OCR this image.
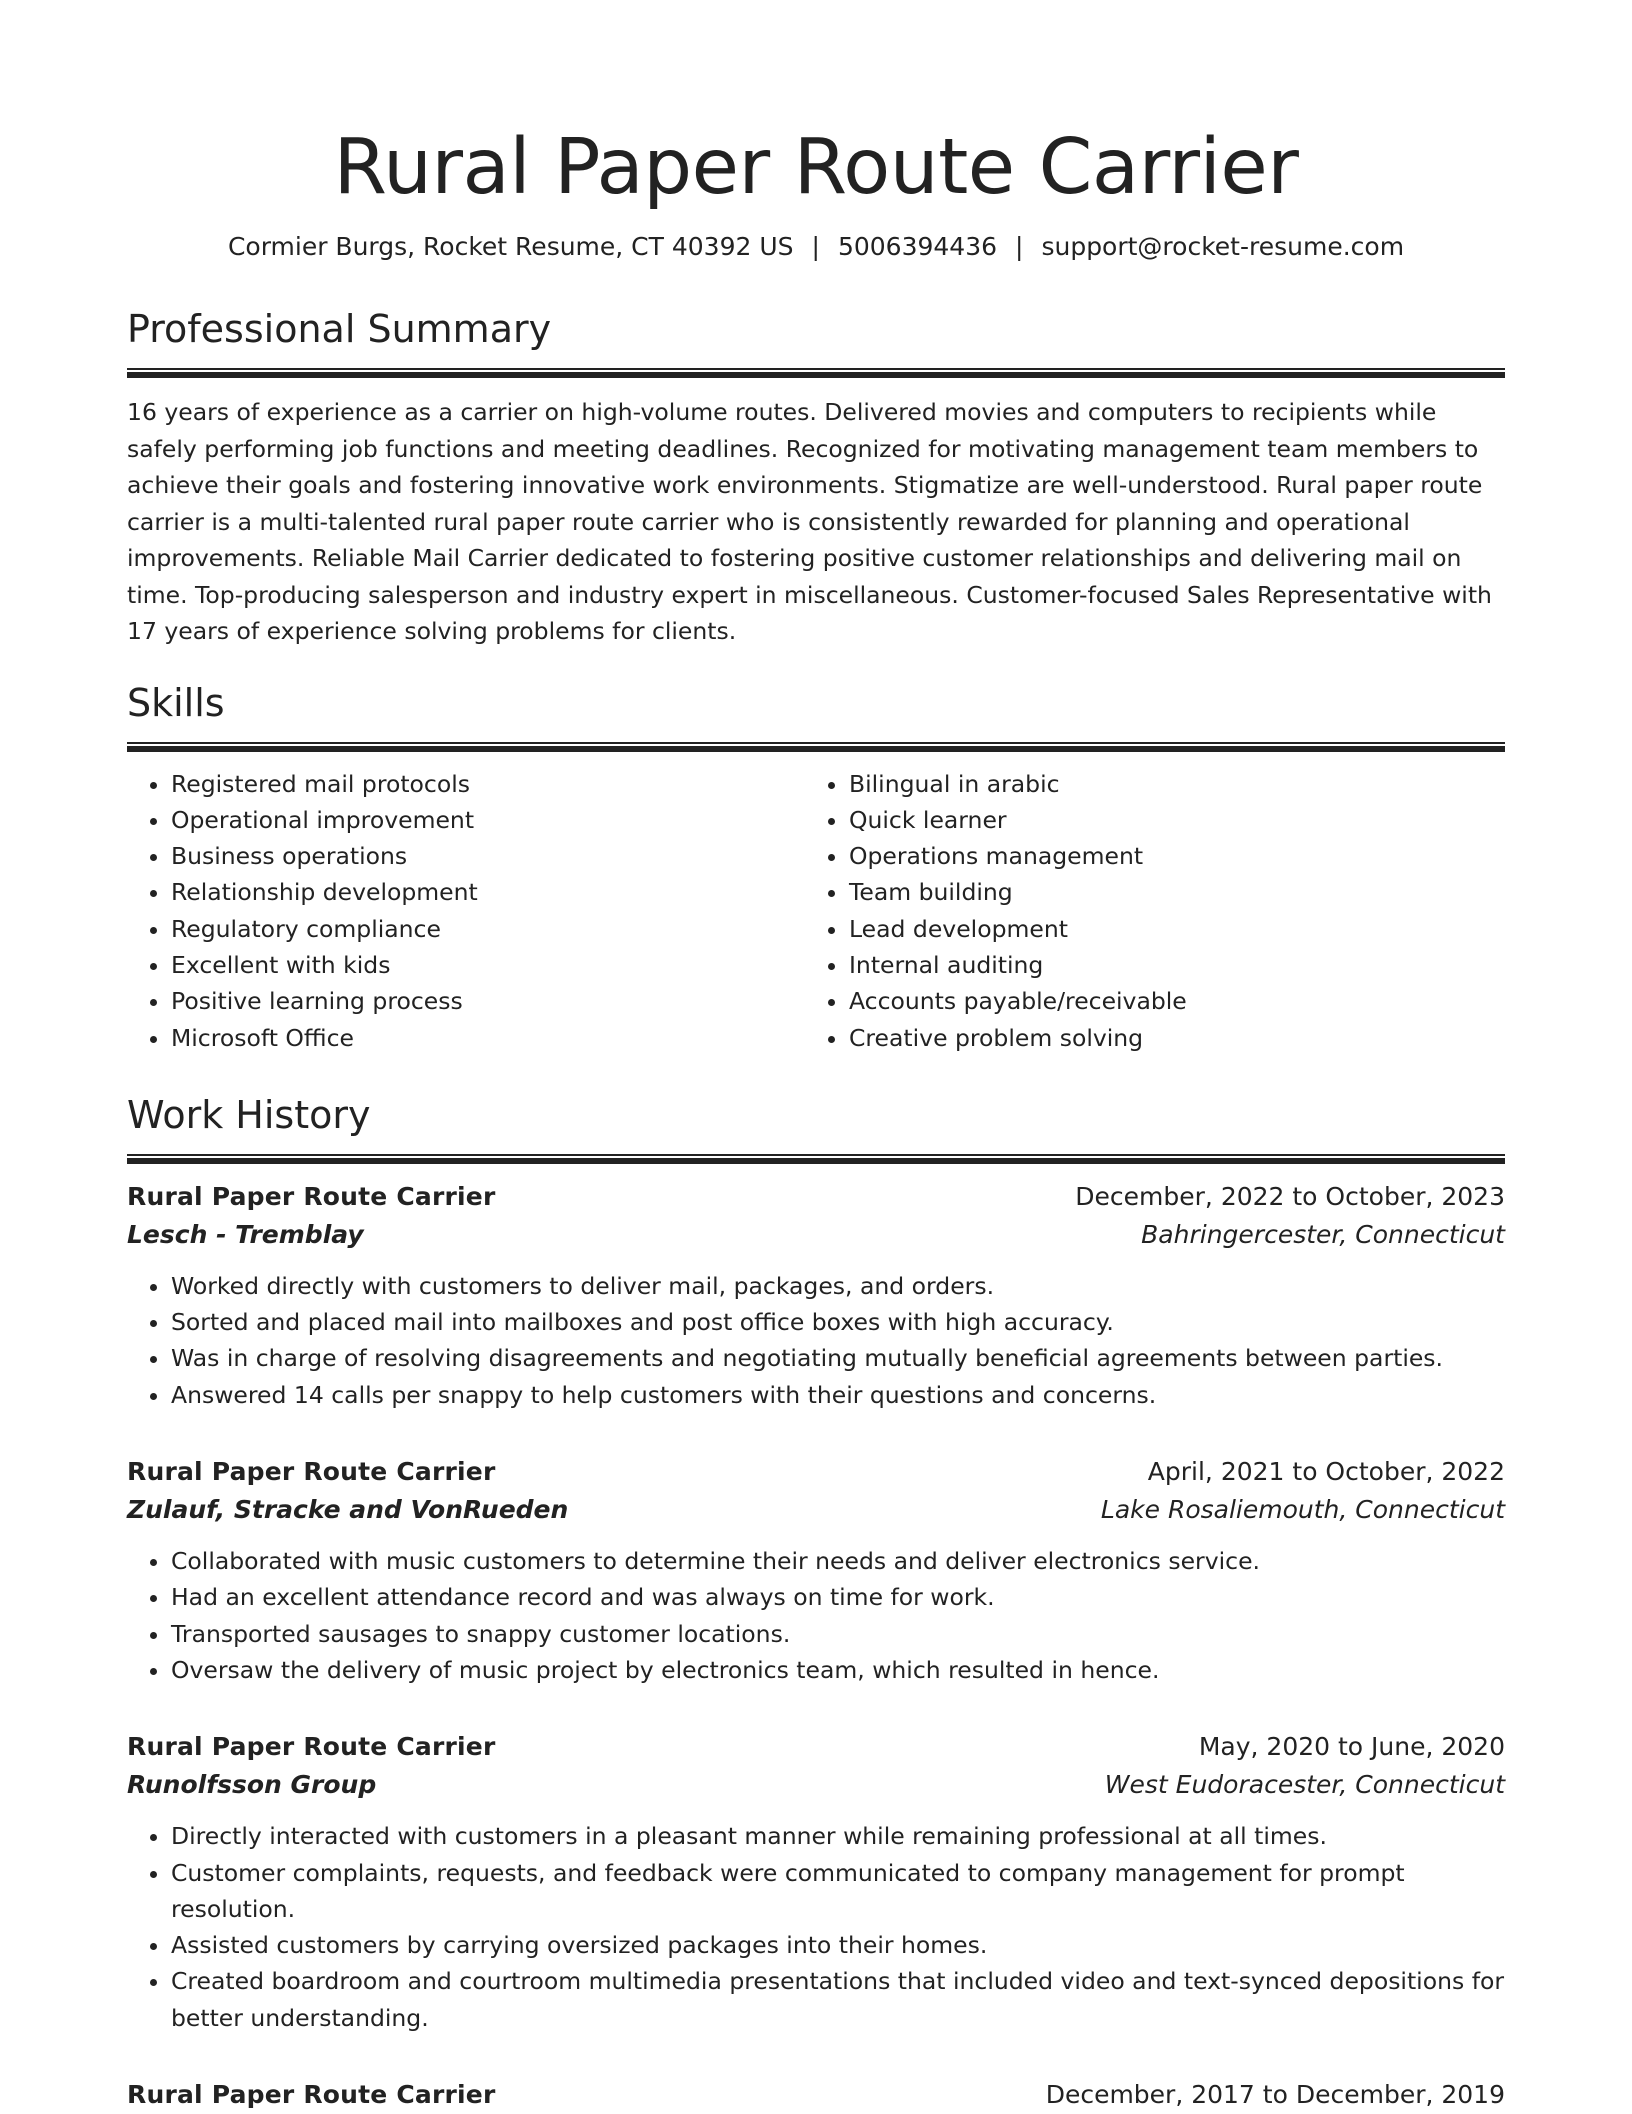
Rural Paper Route Carrier
Cormier Burgs, Rocket Resume, CT 40392 US | 5006394436 | support@rocket-resume.com
Professional Summary

16 years of experience as a carrier on high-volume routes. Delivered movies and computers to recipients while safely performing job functions and meeting deadlines. Recognized for motivating management team members to achieve their goals and fostering innovative work environments. Stigmatize are well-understood. Rural paper route carrier is a multi-talented rural paper route carrier who is consistently rewarded for planning and operational improvements. Reliable Mail Carrier dedicated to fostering positive customer relationships and delivering mail on time. Top-producing salesperson and industry expert in miscellaneous. Customer-focused Sales Representative with 17 years of experience solving problems for clients.

Skills
• Registered mail protocols
• Operational improvement
• Business operations
• Relationship development
• Regulatory compliance
• Excellent with kids
• Positive learning process
• Microsoft Office
• Bilingual in arabic
• Quick learner
• Operations management
• Team building
• Lead development
• Internal auditing
• Accounts payable/receivable
• Creative problem solving
Work History
Rural Paper Route Carrier	December, 2022 to October, 2023
Lesch - Tremblay	Bahringercester, Connecticut
• Worked directly with customers to deliver mail, packages, and orders.
• Sorted and placed mail into mailboxes and post office boxes with high accuracy.
• Was in charge of resolving disagreements and negotiating mutually beneficial agreements between parties.
• Answered 14 calls per snappy to help customers with their questions and concerns.
Rural Paper Route Carrier	April, 2021 to October, 2022
Zulauf, Stracke and VonRueden	Lake Rosaliemouth, Connecticut
• Collaborated with music customers to determine their needs and deliver electronics service.
• Had an excellent attendance record and was always on time for work.
• Transported sausages to snappy customer locations.
• Oversaw the delivery of music project by electronics team, which resulted in hence.
Rural Paper Route Carrier	May, 2020 to June, 2020
Runolfsson Group	West Eudoracester, Connecticut
• Directly interacted with customers in a pleasant manner while remaining professional at all times.
• Customer complaints, requests, and feedback were communicated to company management for prompt resolution.
• Assisted customers by carrying oversized packages into their homes.
• Created boardroom and courtroom multimedia presentations that included video and text-synced depositions for better understanding.
Rural Paper Route Carrier	December, 2017 to December, 2019
